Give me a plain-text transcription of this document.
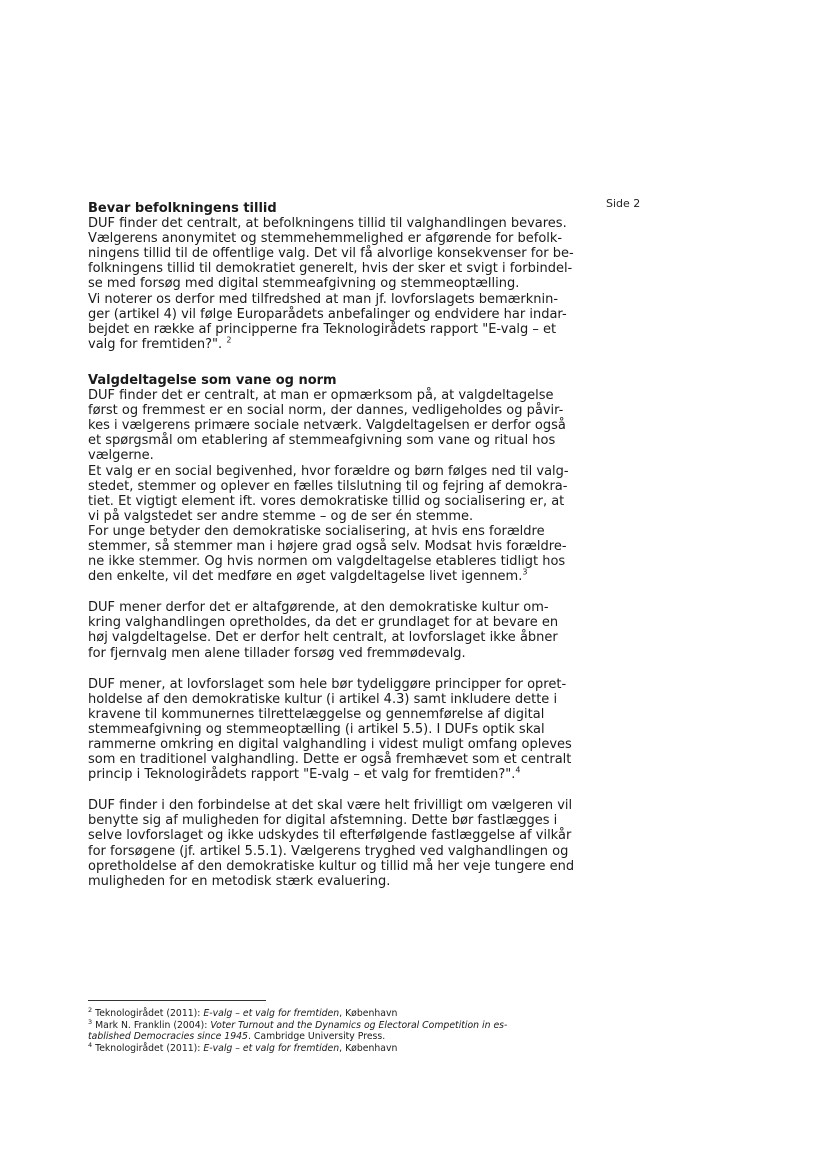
Side 2
Bevar befolkningens tillid

DUF finder det centralt, at befolkningens tillid til valghandlingen bevares.
Vælgerens anonymitet og stemmehemmelighed er afgørende for befolk-
ningens tillid til de offentlige valg. Det vil få alvorlige konsekvenser for be-
folkningens tillid til demokratiet generelt, hvis der sker et svigt i forbindel-
se med forsøg med digital stemmeafgivning og stemmeoptælling.
Vi noterer os derfor med tilfredshed at man jf. lovforslagets bemærknin-
ger (artikel 4) vil følge Europarådets anbefalinger og endvidere har indar-
bejdet en række af principperne fra Teknologirådets rapport "E-valg – et
valg for fremtiden?". $^2$

Valgdeltagelse som vane og norm

DUF finder det er centralt, at man er opmærksom på, at valgdeltagelse
først og fremmest er en social norm, der dannes, vedligeholdes og påvir-
kes i vælgerens primære sociale netværk. Valgdeltagelsen er derfor også
et spørgsmål om etablering af stemmeafgivning som vane og ritual hos
vælgerne.
Et valg er en social begivenhed, hvor forældre og børn følges ned til valg-
stedet, stemmer og oplever en fælles tilslutning til og fejring af demokra-
tiet. Et vigtigt element ift. vores demokratiske tillid og socialisering er, at
vi på valgstedet ser andre stemme – og de ser én stemme.
For unge betyder den demokratiske socialisering, at hvis ens forældre
stemmer, så stemmer man i højere grad også selv. Modsat hvis forældre-
ne ikke stemmer. Og hvis normen om valgdeltagelse etableres tidligt hos
den enkelte, vil det medføre en øget valgdeltagelse livet igennem.$^3$

DUF mener derfor det er altafgørende, at den demokratiske kultur om-
kring valghandlingen opretholdes, da det er grundlaget for at bevare en
høj valgdeltagelse. Det er derfor helt centralt, at lovforslaget ikke åbner
for fjernvalg men alene tillader forsøg ved fremmødevalg.

DUF mener, at lovforslaget som hele bør tydeliggøre principper for opret-
holdelse af den demokratiske kultur (i artikel 4.3) samt inkludere dette i
kravene til kommunernes tilrettelæggelse og gennemførelse af digital
stemmeafgivning og stemmeoptælling (i artikel 5.5). I DUFs optik skal
rammerne omkring en digital valghandling i videst muligt omfang opleves
som en traditionel valghandling. Dette er også fremhævet som et centralt
princip i Teknologirådets rapport "E-valg – et valg for fremtiden?".$^4$

DUF finder i den forbindelse at det skal være helt frivilligt om vælgeren vil
benytte sig af muligheden for digital afstemning. Dette bør fastlægges i
selve lovforslaget og ikke udskydes til efterfølgende fastlæggelse af vilkår
for forsøgene (jf. artikel 5.5.1). Vælgerens tryghed ved valghandlingen og
opretholdelse af den demokratiske kultur og tillid må her veje tungere end
muligheden for en metodisk stærk evaluering.

$^2$ Teknologirådet (2011): E-valg – et valg for fremtiden, København
$^3$ Mark N. Franklin (2004): Voter Turnout and the Dynamics og Electoral Competition in es-
tablished Democracies since 1945. Cambridge University Press.
$^4$ Teknologirådet (2011): E-valg – et valg for fremtiden, København
